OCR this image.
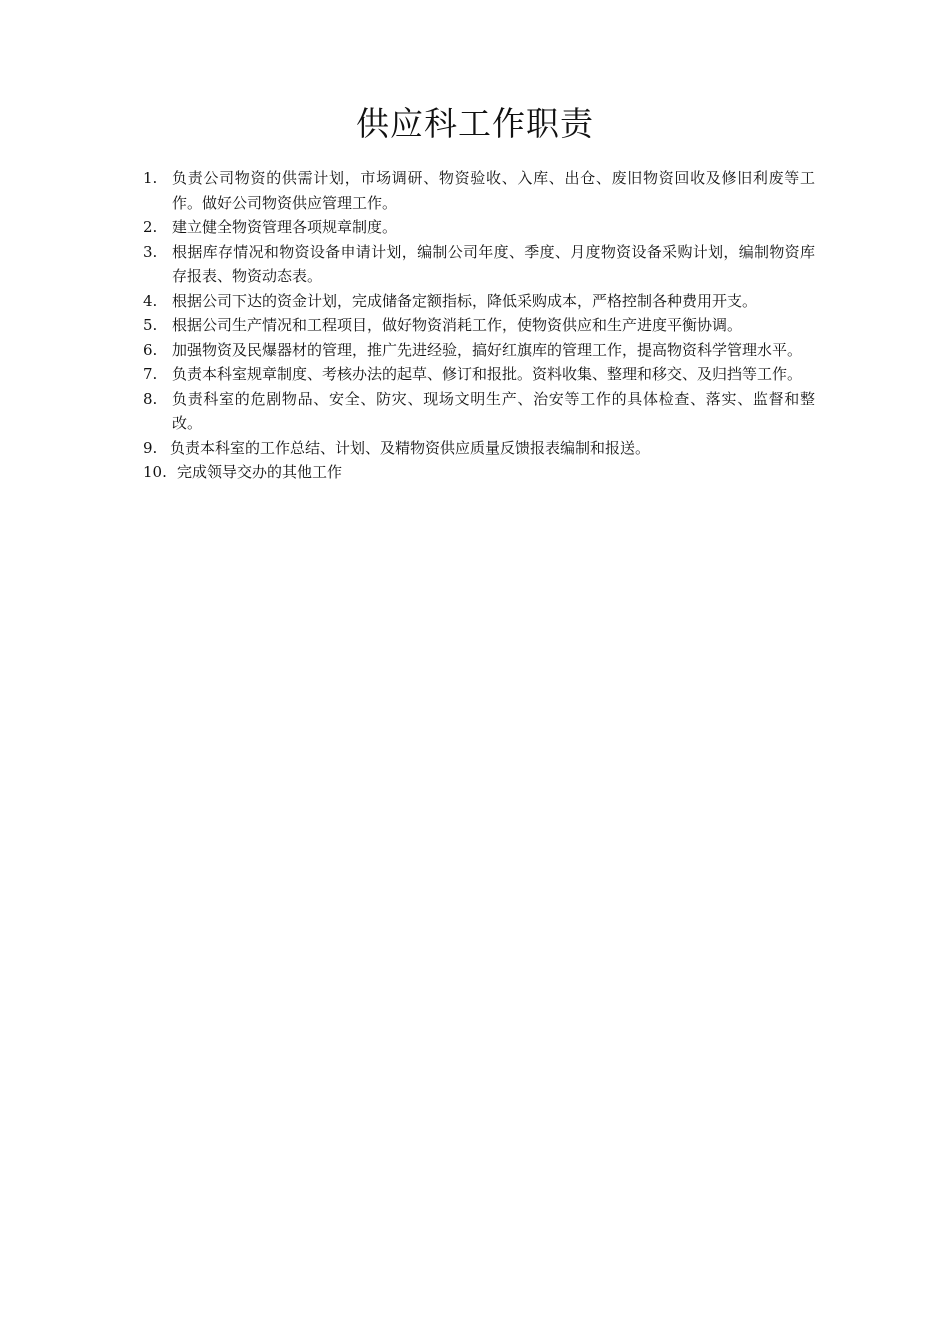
供应科工作职责
1. 负责公司物资的供需计划，市场调研、物资验收、入库、出仓、废旧物资回收及修旧利废等工作。做好公司物资供应管理工作。
2. 建立健全物资管理各项规章制度。
3. 根据库存情况和物资设备申请计划，编制公司年度、季度、月度物资设备采购计划，编制物资库存报表、物资动态表。
4. 根据公司下达的资金计划，完成储备定额指标，降低采购成本，严格控制各种费用开支。
5. 根据公司生产情况和工程项目，做好物资消耗工作，使物资供应和生产进度平衡协调。
6. 加强物资及民爆器材的管理，推广先进经验，搞好红旗库的管理工作，提高物资科学管理水平。
7. 负责本科室规章制度、考核办法的起草、修订和报批。资料收集、整理和移交、及归挡等工作。
8. 负责科室的危剧物品、安全、防灾、现场文明生产、治安等工作的具体检查、落实、监督和整改。
9. 负责本科室的工作总结、计划、及精物资供应质量反馈报表编制和报送。
10. 完成领导交办的其他工作
